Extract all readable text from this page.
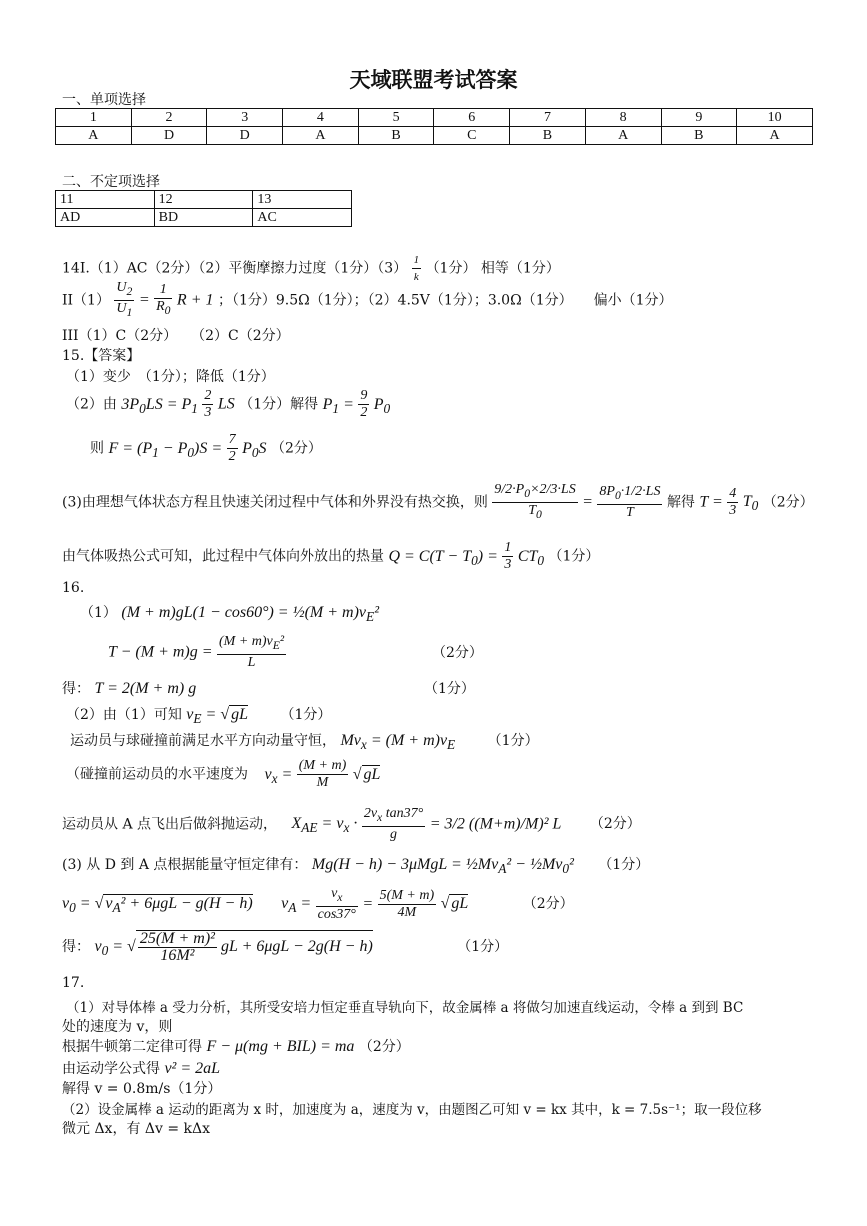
天域联盟考试答案
一、单项选择
1	2	3	4	5	6	7	8	9	10
A	D	D	A	B	C	B	A	B	A
二、不定项选择
11	12	13
AD	BD	AC
14I.（1）AC（2分）（2）平衡摩擦力过度（1分）$(3) \frac{1}{k} (1$分） 相等（1分）
$II(1) \frac{U_2}{U_1} = \frac{1}{R_0}$ R + 1 ；（1分）9.5Ω（1分）；（2）4.5V（1分）；3.0Ω（1分）　　偏小（1分）
III（1）C（2分）　　（2）C（2分）
15.【答案】
（1）变少　（1分）；降低（1分）
（2）由 $3P_0LS = P_1 \frac{2}{3}$ LS （1分）解得 $P_1 = \frac{9}{2} P_0$
则 $F = (P_1 - P_0)S = \frac{7}{2} P_0S$ （2分）
(3)由理想气体状态方程且快速关闭过程中气体和外界没有热交换，则 $\frac{9/2\cdot P_0\times 2/3\cdot LS}{T_0} = \frac{8P_0\cdot 1/2\cdot LS}{T}$ 解得 $T = \frac{4}{3} T_0$ （2分）
由气体吸热公式可知，此过程中气体向外放出的热量 $Q = C(T - T_0) = \frac{1}{3} CT_0$ （1分）
16.
（1） (M + m)gL(1 − cos60°) = ½(M + $m)v_E^2$
$T - (M + m)g = \frac{(M + m)v_E^2}{L}$	（2分）
得： T = 2(M + m) g	（1分）
（2）由（1）可知 $v_E$ = √ gL （1分）
运动员与球碰撞前满足水平方向动量守恒， $Mv_x = (M + m)v_E$ （1分）
（碰撞前运动员的水平速度为 $v_x = \frac{(M + m)}{M}$ √ gL
运动员从 A 点飞出后做斜抛运动， $X_{AE} = v_x \cdot \frac{2v_x \tan 37^\circ}{g} = 3/2$ ((M+m)/M)² L （2分）
(3) 从 D 到 A 点根据能量守恒定律有： $Mg(H - h) - 3\mu MgL = \frac{1}{2}Mv_A^2$ − $\frac{1}{2}Mv_0^2$ （1分）
$v_0$ = √ $v_A^2 + 6\mu gL - g(H - h) v_A = \frac{v_x}{\cos 37^\circ} = \frac{5(M + m)}{4M}$ √ gL	（2分）
得： $v_0$ = √ $\frac{\text{25(M + m)²}}{\text{16M²}}$ gL + 6μgL − 2g(H − h)	（1分）
17.
（1）对导体棒 a 受力分析，其所受安培力恒定垂直导轨向下，故金属棒 a 将做匀加速直线运动，令棒 a 到到 BC
处的速度为 v，则
根据牛顿第二定律可得 F − μ(mg + BIL) = ma （2分）
由运动学公式得 v² = 2aL
解得 v = 0.8m/s（1分）
（2）设金属棒 a 运动的距离为 x 时，加速度为 a，速度为 v，由题图乙可知 v = kx 其中，k = 7.5s⁻¹；取一段位移
微元 Δx，有 Δv = kΔx
